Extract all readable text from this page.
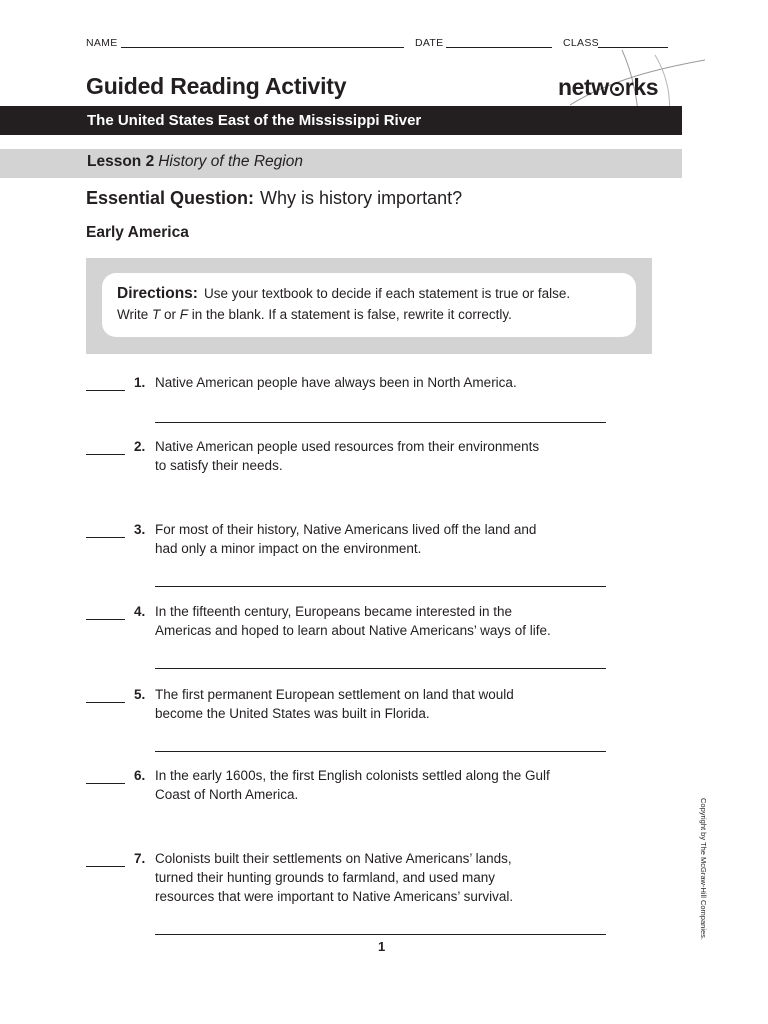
NAME	DATE	CLASS
Guided Reading Activity	netw rks
The United States East of the Mississippi River
Lesson 2 History of the Region
Essential Question: Why is history important?
Early America
Directions: Use your textbook to decide if each statement is true or false.
Write T or F in the blank. If a statement is false, rewrite it correctly.
1. Native American people have always been in North America.
2. Native American people used resources from their environments
to satisfy their needs.
3. For most of their history, Native Americans lived off the land and
had only a minor impact on the environment.
4. In the fifteenth century, Europeans became interested in the
Americas and hoped to learn about Native Americans’ ways of life.
5. The first permanent European settlement on land that would
become the United States was built in Florida.
6. In the early 1600s, the first English colonists settled along the Gulf
Coast of North America.
7. Colonists built their settlements on Native Americans’ lands,
turned their hunting grounds to farmland, and used many
resources that were important to Native Americans’ survival.
1
Copyright by The McGraw-Hill Companies.
